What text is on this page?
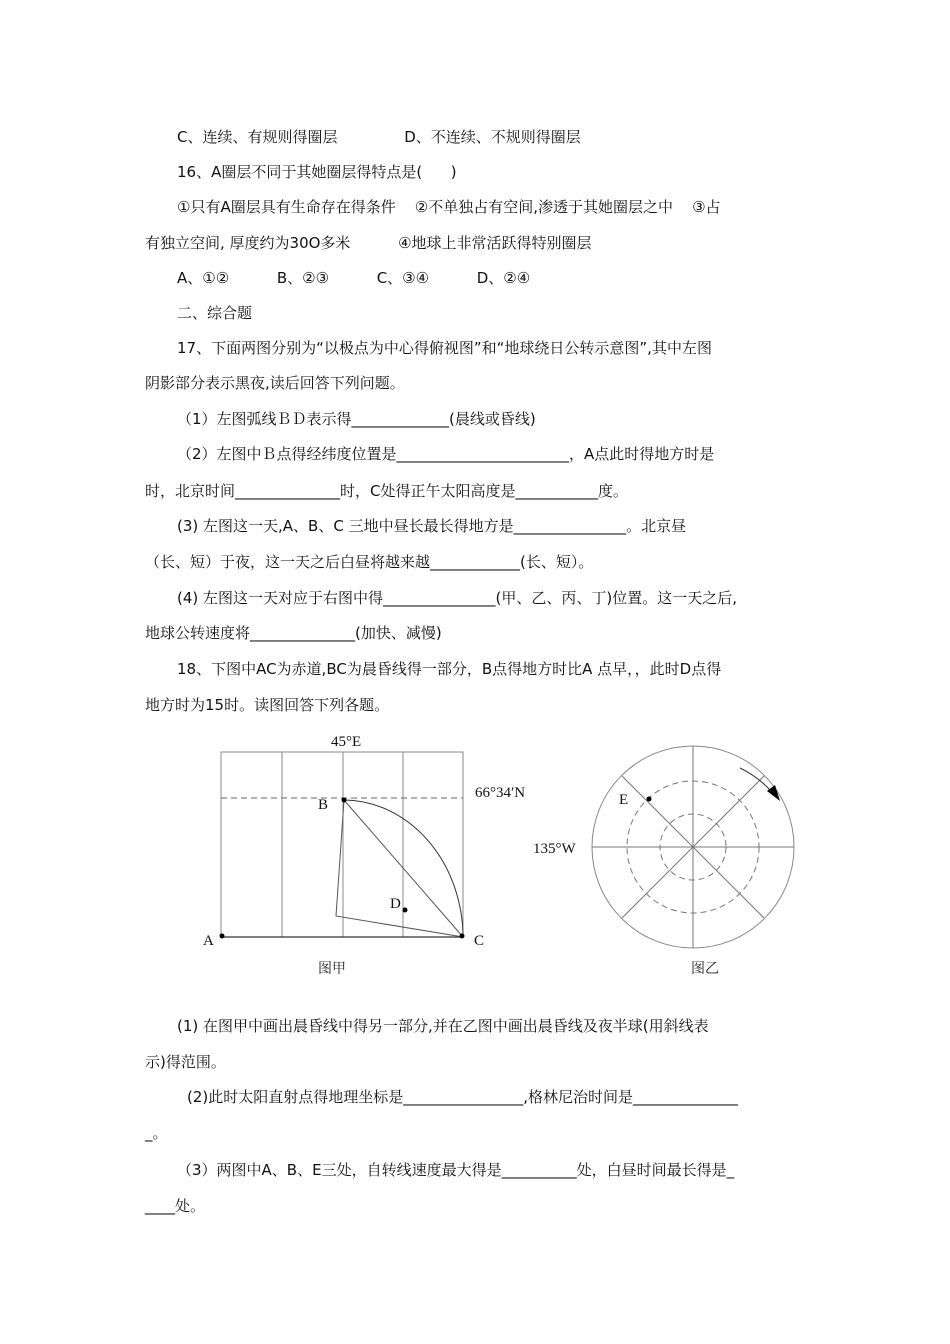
C、连续、有规则得圈层              D、不连续、不规则得圈层
16、A圈层不同于其她圈层得特点是(      )
①只有A圈层具有生命存在得条件    ②不单独占有空间,渗透于其她圈层之中    ③占
有独立空间, 厚度约为30O多米          ④地球上非常活跃得特别圈层
A、①②          B、②③          C、③④          D、②④
二、综合题
17、下面两图分别为“以极点为中心得俯视图”和“地球绕日公转示意图”,其中左图
阴影部分表示黑夜,读后回答下列问题。
（1）左图弧线ＢＤ表示得_____________(晨线或昏线)
（2）左图中Ｂ点得经纬度位置是_______________________，A点此时得地方时是
时，北京时间______________时，C处得正午太阳高度是___________度。
(3) 左图这一天,A、B、C 三地中昼长最长得地方是_______________。北京昼
（长、短）于夜，这一天之后白昼将越来越____________(长、短）。
(4) 左图这一天对应于右图中得_______________(甲、乙、丙、丁)位置。这一天之后,
地球公转速度将______________(加快、减慢)
18、下图中AC为赤道,BC为晨昏线得一部分，B点得地方时比A 点早，，此时D点得
地方时为15时。读图回答下列各题。
(1) 在图甲中画出晨昏线中得另一部分,并在乙图中画出晨昏线及夜半球(用斜线表
示)得范围。
(2)此时太阳直射点得地理坐标是________________,格林尼治时间是______________
_。
（3）两图中A、B、E三处，自转线速度最大得是__________处，白昼时间最长得是_
____处。
45°E
66°34′N
B
D
A	C
图甲
E
135°W
图乙
